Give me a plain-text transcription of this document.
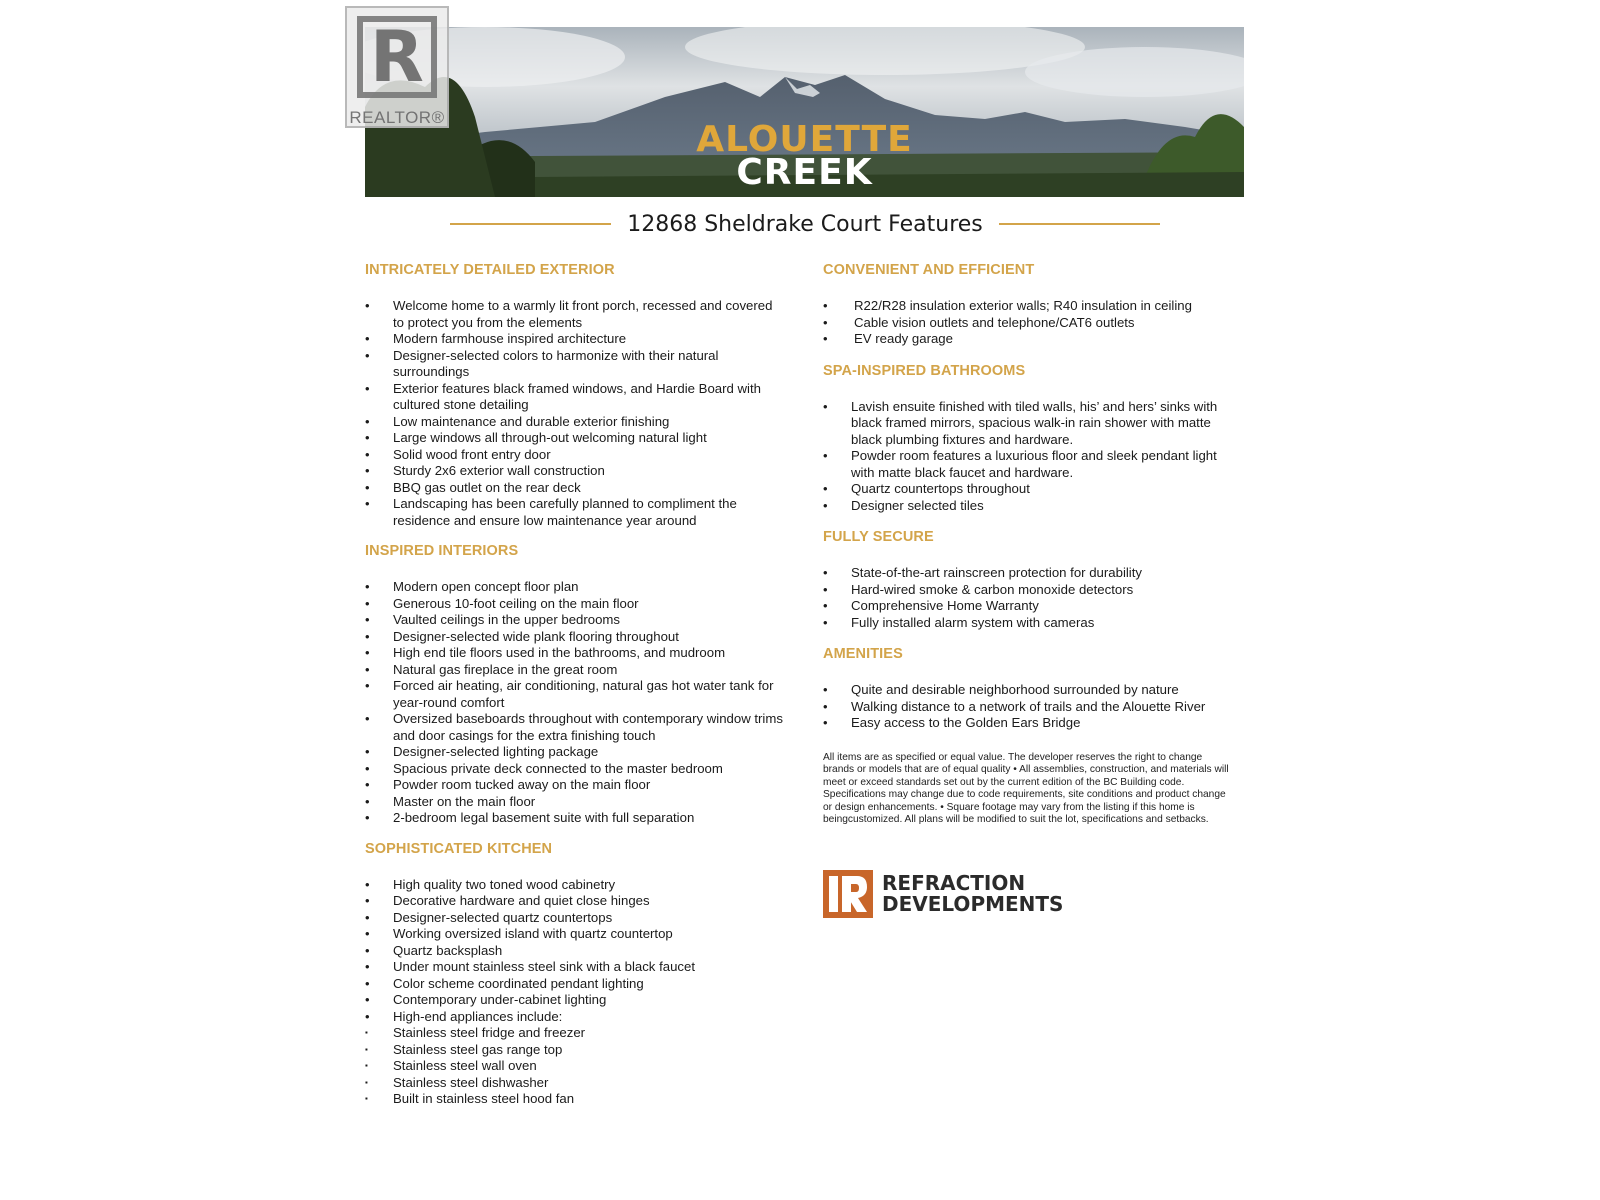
ALOUETTE
CREEK
R
REALTOR®
12868 Sheldrake Court Features
INTRICATELY DETAILED EXTERIOR
• Welcome home to a warmly lit front porch, recessed and covered to protect you from the elements
• Modern farmhouse inspired architecture
• Designer-selected colors to harmonize with their natural surroundings
• Exterior features black framed windows, and Hardie Board with cultured stone detailing
• Low maintenance and durable exterior finishing
• Large windows all through-out welcoming natural light
• Solid wood front entry door
• Sturdy 2x6 exterior wall construction
• BBQ gas outlet on the rear deck
• Landscaping has been carefully planned to compliment the residence and ensure low maintenance year around
INSPIRED INTERIORS
• Modern open concept floor plan
• Generous 10-foot ceiling on the main floor
• Vaulted ceilings in the upper bedrooms
• Designer-selected wide plank flooring throughout
• High end tile floors used in the bathrooms, and mudroom
• Natural gas fireplace in the great room
• Forced air heating, air conditioning, natural gas hot water tank for year-round comfort
• Oversized baseboards throughout with contemporary window trims and door casings for the extra finishing touch
• Designer-selected lighting package
• Spacious private deck connected to the master bedroom
• Powder room tucked away on the main floor
• Master on the main floor
• 2-bedroom legal basement suite with full separation
SOPHISTICATED KITCHEN
• High quality two toned wood cabinetry
• Decorative hardware and quiet close hinges
• Designer-selected quartz countertops
• Working oversized island with quartz countertop
• Quartz backsplash
• Under mount stainless steel sink with a black faucet
• Color scheme coordinated pendant lighting
• Contemporary under-cabinet lighting
• High-end appliances include:
▪ Stainless steel fridge and freezer
▪ Stainless steel gas range top
▪ Stainless steel wall oven
▪ Stainless steel dishwasher
▪ Built in stainless steel hood fan
CONVENIENT AND EFFICIENT
• R22/R28 insulation exterior walls; R40 insulation in ceiling
• Cable vision outlets and telephone/CAT6 outlets
• EV ready garage
SPA-INSPIRED BATHROOMS
• Lavish ensuite finished with tiled walls, his’ and hers’ sinks with black framed mirrors, spacious walk-in rain shower with matte black plumbing fixtures and hardware.
• Powder room features a luxurious floor and sleek pendant light with matte black faucet and hardware.
• Quartz countertops throughout
• Designer selected tiles
FULLY SECURE
• State-of-the-art rainscreen protection for durability
• Hard-wired smoke & carbon monoxide detectors
• Comprehensive Home Warranty
• Fully installed alarm system with cameras
AMENITIES
• Quite and desirable neighborhood surrounded by nature
• Walking distance to a network of trails and the Alouette River
• Easy access to the Golden Ears Bridge

All items are as specified or equal value. The developer reserves the right to change brands or models that are of equal quality • All assemblies, construction, and materials will meet or exceed standards set out by the current edition of the BC Building code. Specifications may change due to code requirements, site conditions and product change or design enhancements. • Square footage may vary from the listing if this home is beingcustomized. All plans will be modified to suit the lot, specifications and setbacks.

REFRACTION
DEVELOPMENTS
